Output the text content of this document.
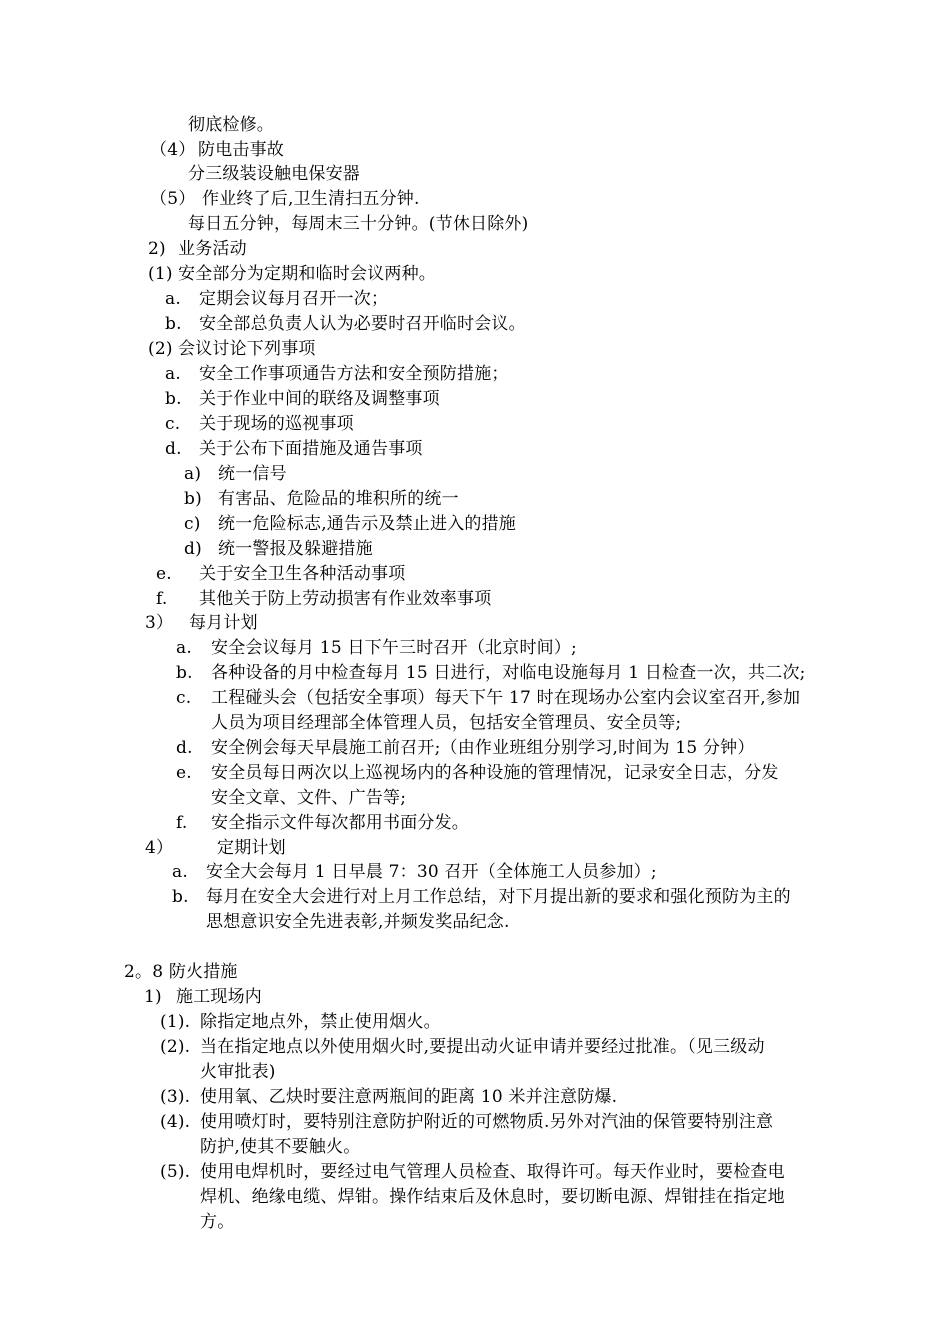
彻底检修。
（4） 防电击事故
分三级装设触电保安器
（5） 作业终了后,卫生清扫五分钟.
每日五分钟，每周末三十分钟。(节休日除外)
2) 业务活动
(1) 安全部分为定期和临时会议两种。
a. 定期会议每月召开一次；
b. 安全部总负责人认为必要时召开临时会议。
(2) 会议讨论下列事项
a. 安全工作事项通告方法和安全预防措施；
b. 关于作业中间的联络及调整事项
c. 关于现场的巡视事项
d. 关于公布下面措施及通告事项
a) 统一信号
b) 有害品、危险品的堆积所的统一
c) 统一危险标志,通告示及禁止进入的措施
d) 统一警报及躲避措施
e. 关于安全卫生各种活动事项
f. 其他关于防上劳动损害有作业效率事项
3） 每月计划
a. 安全会议每月 15 日下午三时召开（北京时间）;
b. 各种设备的月中检查每月 15 日进行，对临电设施每月 1 日检查一次，共二次;
c. 工程碰头会（包括安全事项）每天下午 17 时在现场办公室内会议室召开,参加
人员为项目经理部全体管理人员，包括安全管理员、安全员等;
d. 安全例会每天早晨施工前召开;（由作业班组分别学习,时间为 15 分钟）
e. 安全员每日两次以上巡视场内的各种设施的管理情况，记录安全日志，分发
安全文章、文件、广告等;
f. 安全指示文件每次都用书面分发。
4）	定期计划
a. 安全大会每月 1 日早晨 7：30 召开（全体施工人员参加）;
b. 每月在安全大会进行对上月工作总结，对下月提出新的要求和强化预防为主的
思想意识安全先进表彰,并频发奖品纪念.
2。8 防火措施
1) 施工现场内
(1). 除指定地点外，禁止使用烟火。
(2). 当在指定地点以外使用烟火时,要提出动火证申请并要经过批准。（见三级动
火审批表)
(3). 使用氧、乙炔时要注意两瓶间的距离 10 米并注意防爆.
(4). 使用喷灯时，要特别注意防护附近的可燃物质.另外对汽油的保管要特别注意
防护,使其不要触火。
(5). 使用电焊机时，要经过电气管理人员检查、取得许可。每天作业时，要检查电
焊机、绝缘电缆、焊钳。操作结束后及休息时，要切断电源、焊钳挂在指定地
方。
